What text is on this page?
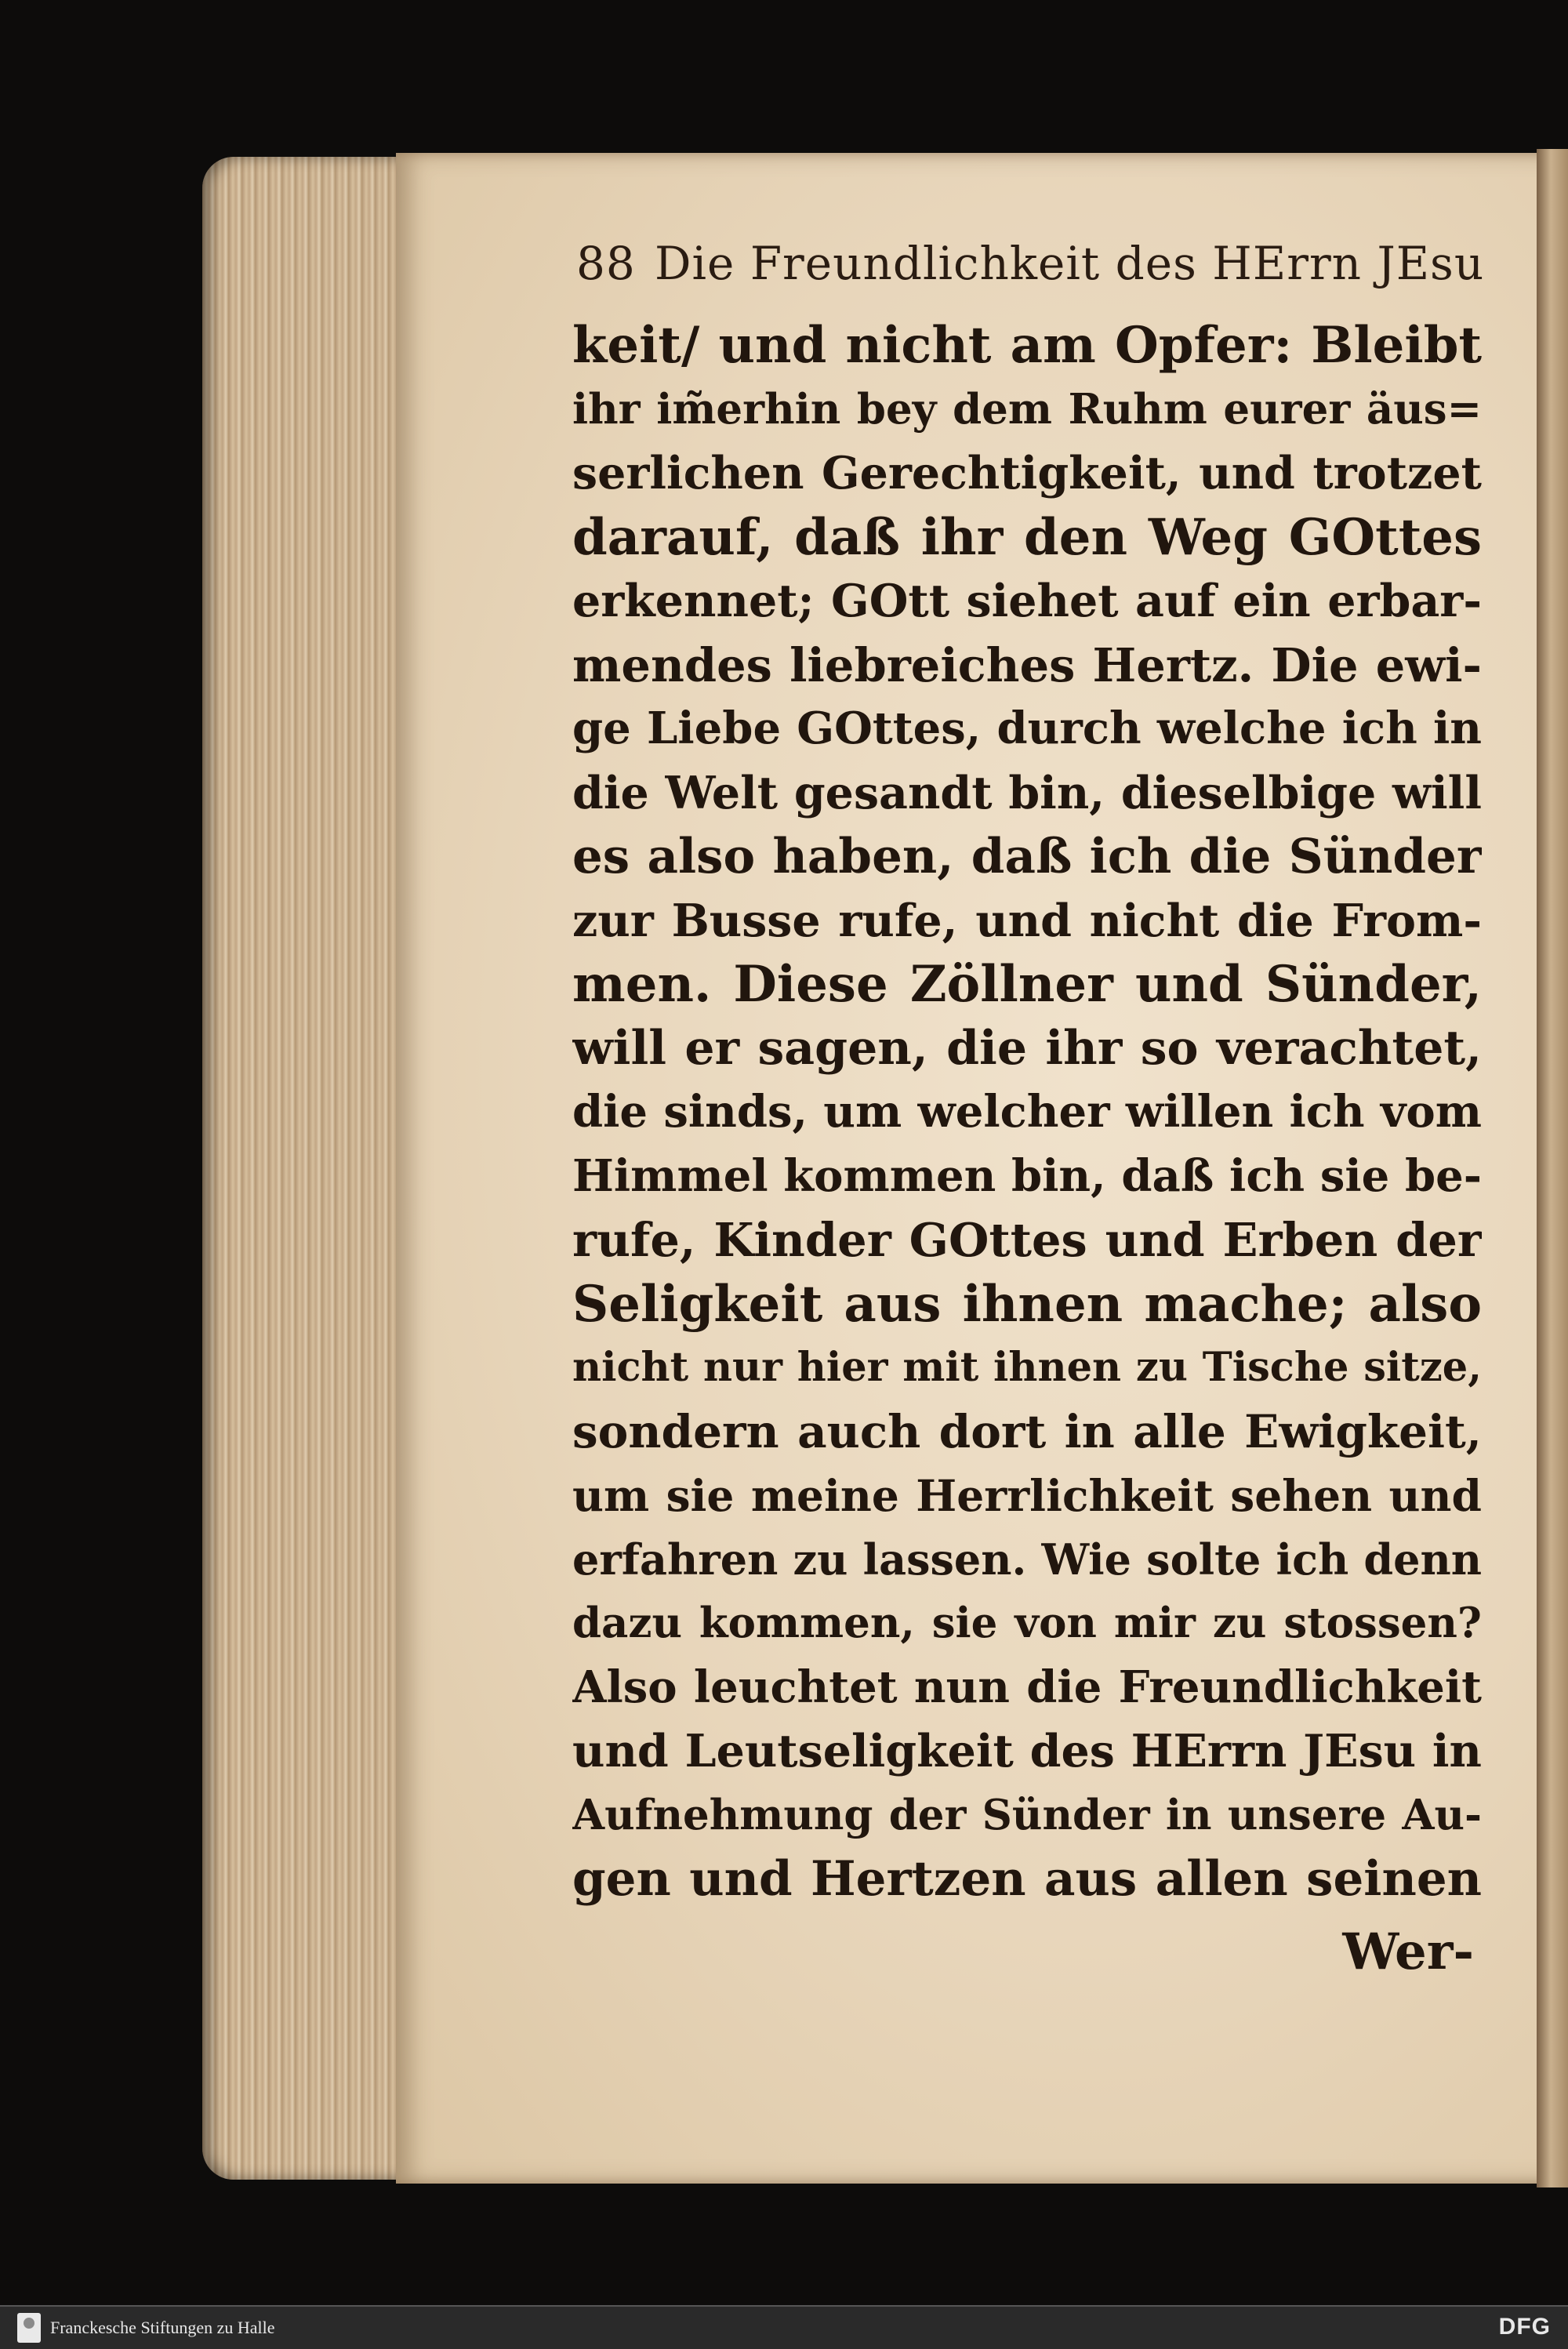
88 Die Freundlichkeit des HErrn JEsu
keit/ und nicht am Opfer: Bleibt
ihr im̃erhin bey dem Ruhm eurer äus=
serlichen Gerechtigkeit, und trotzet
darauf, daß ihr den Weg GOttes
erkennet; GOtt siehet auf ein erbar-
mendes liebreiches Hertz. Die ewi-
ge Liebe GOttes, durch welche ich in
die Welt gesandt bin, dieselbige will
es also haben, daß ich die Sünder
zur Busse rufe, und nicht die From-
men. Diese Zöllner und Sünder,
will er sagen, die ihr so verachtet,
die sinds, um welcher willen ich vom
Himmel kommen bin, daß ich sie be-
rufe, Kinder GOttes und Erben der
Seligkeit aus ihnen mache; also
nicht nur hier mit ihnen zu Tische sitze,
sondern auch dort in alle Ewigkeit,
um sie meine Herrlichkeit sehen und
erfahren zu lassen. Wie solte ich denn
dazu kommen, sie von mir zu stossen?
Also leuchtet nun die Freundlichkeit
und Leutseligkeit des HErrn JEsu in
Aufnehmung der Sünder in unsere Au-
gen und Hertzen aus allen seinen
Wer-
Franckesche Stiftungen zu Halle	DFG
